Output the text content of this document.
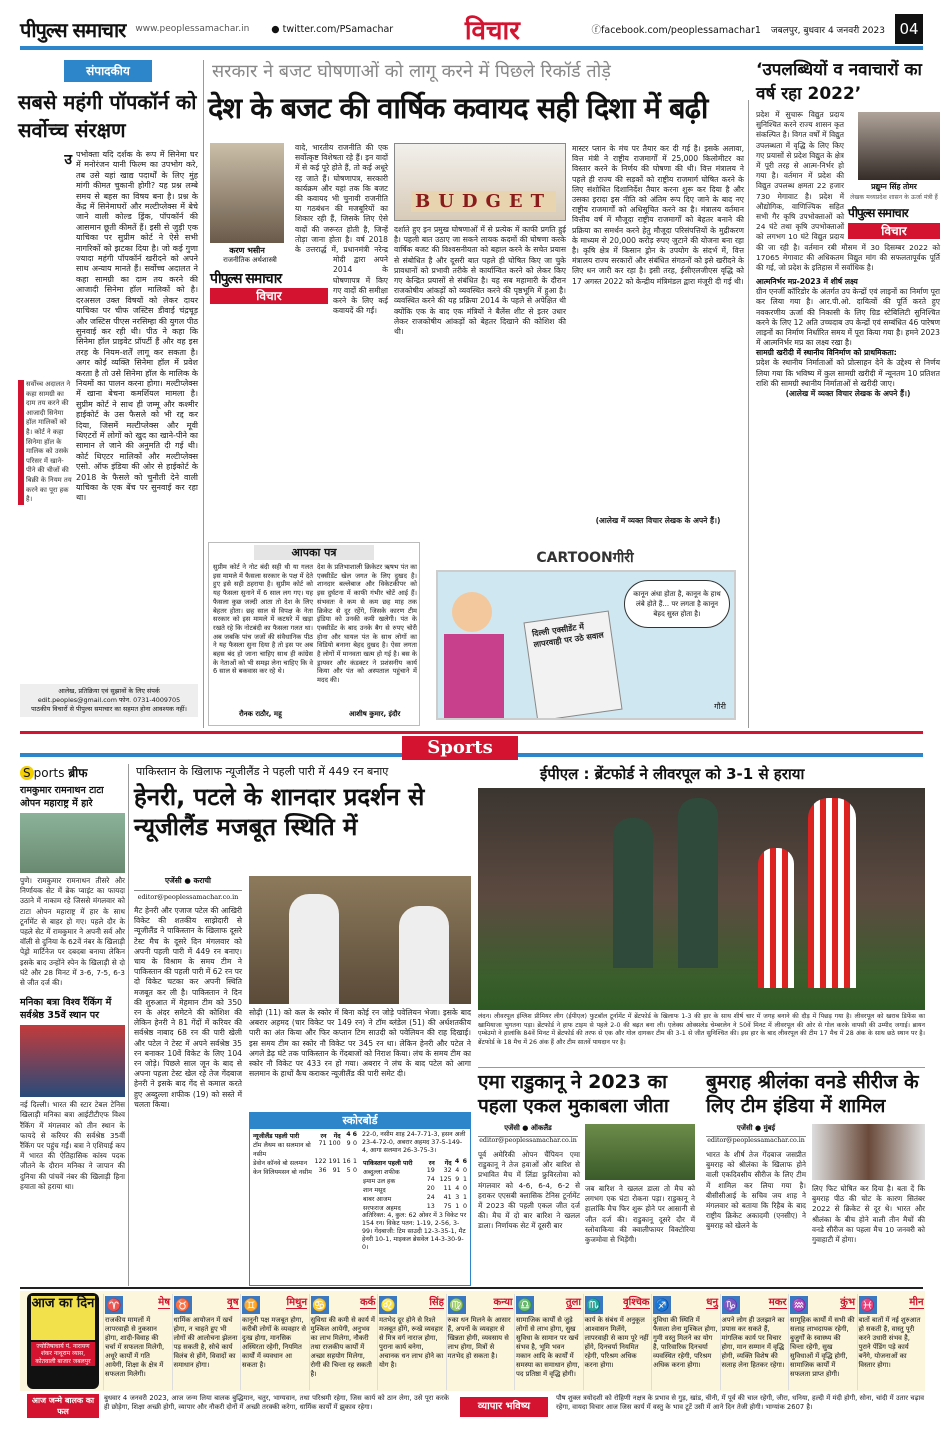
पीपुल्स समाचार www.peoplessamachar.in ● twitter.com/PSamachar	विचार	ⓕfacebook.com/peoplessamachar1 जबलपुर, बुधवार 4 जनवरी 2023 04
संपादकीय
सबसे महंगी पॉपकॉर्न को सर्वोच्च संरक्षण
उ
सर्वोच्च अदालत ने कहा सामग्री का दाम तय करने की आजादी सिनेमा हॉल मालिकों को है। कोर्ट ने कहा सिनेमा हॉल के मालिक को उसके परिसर में खाने-पीने की चीजों की बिक्री के नियम तय करने का पूरा हक है।
पभोक्ता यदि दर्शक के रूप में सिनेमा घर में मनोरंजन यानी फिल्म का उपभोग करे, तब उसे यहां खाद्य पदार्थों के लिए मुंह मांगी कीमत चुकानी होगी? यह प्रश्न लम्बे समय से बहस का विषय बना है। प्रश्न के केंद्र में सिनेमाघरों और मल्टीप्लेक्स में बेचे जाने वाली कोल्ड ड्रिंक, पॉपकॉर्न की आसमान छूती कीमतें हैं। इसी से जुड़ी एक याचिका पर सुप्रीम कोर्ट ने ऐसे सभी नागरिकों को झटका दिया है। जो कई गुणा ज्यादा महंगी पॉपकॉर्न खरीदने को अपने साथ अन्याय मानते हैं। सर्वोच्च अदालत ने कहा सामग्री का दाम तय करने की आजादी सिनेमा हॉल मालिकों को है। दरअसल उक्त विषयों को लेकर दायर याचिका पर चीफ जस्टिस डीवाई चंद्रचूड़ और जस्टिस पीएस नरसिम्हा की युगल पीठ सुनवाई कर रही थी। पीठ ने कहा कि सिनेमा हॉल प्राइवेट प्रॉपर्टी हैं और वह इस तरह के नियम-शर्तें लागू कर सकता है। अगर कोई व्यक्ति सिनेमा हॉल में प्रवेश करता है तो उसे सिनेमा हॉल के मालिक के नियमों का पालन करना होगा। मल्टीप्लेक्स में खाना बेचना कमर्शियल मामला है। सुप्रीम कोर्ट ने साथ ही जम्मू और कश्मीर हाईकोर्ट के उस फैसले को भी रद्द कर दिया, जिसमें मल्टीप्लेक्स और मूवी थिएटरों में लोगों को खुद का खाने-पीने का सामान ले जाने की अनुमति दी गई थी। कोर्ट थिएटर मालिकों और मल्टीप्लेक्स एसो. ऑफ इंडिया की ओर से हाईकोर्ट के 2018 के फैसले को चुनौती देने वाली याचिका के एक बेंच पर सुनवाई कर रहा था।
आलेख, प्रतिक्रिया एवं सुझावों के लिए संपर्क
edit.peoples@gmail.com फोन. 0731-4009705
पाठकीय विचारों से पीपुल्स समाचार का सहमत होना आवश्यक नहीं।
सरकार ने बजट घोषणाओं को लागू करने में पिछले रिकॉर्ड तोड़े
देश के बजट की वार्षिक कवायद सही दिशा में बढ़ी
करण भसीन
राजनीतिक अर्थशास्त्री
पीपुल्स समाचार
विचार
वादे, भारतीय राजनीति की एक सर्वोत्कृष्ट विशेषता रहे हैं। इन वादों में से कई पूरे होते हैं, तो कई अधूरे रह जाते हैं। घोषणापत्र, सरकारी कार्यक्रम और यहां तक कि बजट की कवायद भी चुनावी राजनीति या गठबंधन की मजबूरियों का शिकार रही हैं, जिसके लिए ऐसे वादों की जरूरत होती है, जिन्हें तोड़ा जाना होता है। वर्ष 2018 के उत्तरार्द्ध में, प्रधानमंत्री नरेन्द्र मोदी द्वारा अपने 2014 के घोषणापत्र में किए गए वादों की समीक्षा करने के लिए कई कवायदें की गईं।
BUDGET
दर्शाते हुए इन प्रमुख घोषणाओं में से प्रत्येक में काफी प्रगति हुई है। पहली बात उठाए जा सकने लायक कदमों की घोषणा करके वार्षिक बजट की विश्वसनीयता को बहाल करने के सचेत प्रयास से संबोधित है और दूसरी बात पहले ही घोषित किए जा चुके प्रावधानों को प्रभावी तरीके से कार्यान्वित करने को लेकर किए गए केन्द्रित प्रयासों से संबंधित है। यह सब महामारी के दौरान राजकोषीय आंकड़ों को व्यवस्थित करने की पृष्ठभूमि में हुआ है। व्यवस्थित करने की यह प्रक्रिया 2014 के पहले से अपेक्षित थी क्योंकि एक के बाद एक मंत्रियों ने बैलेंस शीट से इतर उधार लेकर राजकोषीय आंकड़ों को बेहतर दिखाने की कोशिश की थी।
मास्टर प्लान के मंच पर तैयार कर दी गई है। इसके अलावा, वित्त मंत्री ने राष्ट्रीय राजमार्गों में 25,000 किलोमीटर का विस्तार करने के निर्णय की घोषणा की थी। वित्त मंत्रालय ने पहले ही राज्य की सड़कों को राष्ट्रीय राजमार्ग घोषित करने के लिए संशोधित दिशानिर्देश तैयार करना शुरू कर दिया है और उसका इरादा इस नीति को अंतिम रूप दिए जाने के बाद नए राष्ट्रीय राजमार्गों को अधिसूचित करने का है। मंत्रालय वर्तमान वित्तीय वर्ष में मौजूदा राष्ट्रीय राजमार्गों को बेहतर बनाने की प्रक्रिया का समर्थन करने हेतु मौजूदा परिसंपत्तियों के मुद्रीकरण के माध्यम से 20,000 करोड़ रुपए जुटाने की योजना बना रहा है। कृषि क्षेत्र में किसान ड्रोन के उपयोग के संदर्भ में, वित्त मंत्रालय राज्य सरकारों और संबंधित संगठनों को इसे खरीदने के लिए धन जारी कर रहा है। इसी तरह, ईसीएलजीएस वृद्धि को 17 अगस्त 2022 को केन्द्रीय मंत्रिमंडल द्वारा मंजूरी दी गई थी।
(आलेख में व्यक्त विचार लेखक के अपने हैं।)
‘उपलब्धियों व नवाचारों का वर्ष रहा 2022’
प्रद्युम्न सिंह तोमर
लेखक मध्यप्रदेश शासन के ऊर्जा मंत्री हैं
पीपुल्स समाचार
विचार
प्रदेश में सुचारू विद्युत प्रदाय सुनिश्चित करने राज्य शासन कृत संकल्पित है। विगत वर्षों में विद्युत उपलब्धता में वृद्धि के लिए किए गए प्रयासों से प्रदेश विद्युत के क्षेत्र में पूरी तरह से आत्म-निर्भर हो गया है। वर्तमान में प्रदेश की विद्युत उपलब्ध क्षमता 22 हजार 730 मेगावाट है। प्रदेश में औद्योगिक, वाणिज्यिक सहित सभी गैर कृषि उपभोक्ताओं को 24 घंटे तथा कृषि उपभोक्ताओं को लगभग 10 घंटे विद्युत प्रदाय की जा रही है। वर्तमान रबी मौसम में 30 दिसम्बर 2022 को 17065 मेगावाट की अधिकतम विद्युत मांग की सफलतापूर्वक पूर्ति की गई, जो प्रदेश के इतिहास में सर्वाधिक है।
आत्मनिर्भर मप्र-2023 में शीर्ष लक्ष्य
ग्रीन एनर्जी कॉरिडोर के अंतर्गत उप केन्द्रों एवं लाइनों का निर्माण पूरा कर लिया गया है। आर.पी.ओ. दायित्वों की पूर्ति करते हुए नवकरणीय ऊर्जा की निकासी के लिए ग्रिड स्टेबिलिटी सुनिश्चित करने के लिए 12 अति उच्चदाब उप केन्द्रों एवं सम्बंधित 46 पारेषण लाइनों का निर्माण निर्धारित समय में पूरा किया गया है। हमने 2023 में आत्मनिर्भर मप्र का लक्ष्य रखा है।
सामग्री खरीदी में स्थानीय विनिर्माण को प्राथमिकता:
प्रदेश के स्थानीय निर्माताओं को प्रोत्साहन देने के उद्देश्य से निर्णय लिया गया कि भविष्य में कुल सामग्री खरीदी में न्यूनतम 10 प्रतिशत राशि की सामग्री स्थानीय निर्माताओं से खरीदी जाए।
(आलेख में व्यक्त विचार लेखक के अपने हैं।)
आपका पत्र
सुप्रीम कोर्ट ने नोट बंदी सही थी या गलत इस मामले में फैसला सरकार के पक्ष में देते हुए इसे सही ठहराया है। सुप्रीम कोर्ट को यह फैसला सुनाने में 6 साल लग गए। यह फैसला कुछ जल्दी आता तो देश के लिए बेहतर होता। छह साल से विपक्ष के नेता सरकार को इस मामले में कटघरे में खड़ा रखते रहे कि नोटबंदी का फैसला गलत था। अब जबकि पांच जजों की संवैधानिक पीठ ने यह फैसला सुना दिया है तो इस पर अब बहस बंद हो जाना चाहिए साथ ही कांग्रेस के नेताओं को भी समझ लेना चाहिए कि वे 6 साल से बकवास कर रहे थे।
देश के प्रतिभाशाली क्रिकेटर ऋषभ पंत का एक्सीडेंट खेल जगत के लिए दुखद है। शानदार बल्लेबाज और विकेटकीपर को इस दुर्घटना में काफी गंभीर चोटें आई हैं। संभवतः वे कम से कम छह माह तक क्रिकेट से दूर रहेंगे, जिसके कारण टीम इंडिया को उनकी कमी खलेगी। पंत के एक्सीडेंट के बाद उनके बैग से रुपए चोरी होना और घायल पंत के साथ लोगों का विडियो बनाना बेहद दुखद है। ऐसा लगता है लोगों में मानवता खत्म हो गई है। बस के ड्रायवर और कंडक्टर ने प्रशंसनीय कार्य किया और पंत को अस्पताल पहुंचाने में मदद की।
रौनक राठौर, महू	आशीष कुमार, इंदौर
CARTOONगीरी
दिल्ली एक्सीडेंट में लापरवाही पर उठे सवाल
कानून अंधा होता है, कानून के हाथ लंबे होते हैं... पर लगता है कानून बेहद सुस्त होता है।
गौरी
Sports
S ports ब्रीफ
रामकुमार रामनाथन टाटा ओपन महाराष्ट्र में हारे
पुणे। रामकुमार रामनाथन तीसरे और निर्णायक सेट में ब्रेक प्वाइंट का फायदा उठाने में नाकाम रहे जिससे मंगलवार को टाटा ओपन महाराष्ट्र में हार के साथ टूर्नामेंट से बाहर हो गए। पहले दौर के पहले सेट में रामकुमार ने अपनी सर्व और वॉली से दुनिया के 62वें नंबर के खिलाड़ी पेड्रो मार्टिनेज पर दबदबा बनाया लेकिन इसके बाद उन्होंने स्पेन के खिलाड़ी से दो घंटे और 28 मिनट में 3-6, 7-5, 6-3 से जीत दर्ज की।
मनिका बत्रा विश्व रैंकिंग में सर्वश्रेष्ठ 35वें स्थान पर
नई दिल्ली। भारत की स्टार टेबल टेनिस खिलाड़ी मनिका बत्रा आईटीटीएफ विश्व रैंकिंग में मंगलवार को तीन स्थान के फायदे से करियर की सर्वश्रेष्ठ 35वीं रैंकिंग पर पहुंच गईं। बत्रा ने एशियाई कप में भारत की ऐतिहासिक कांस्य पदक जीतने के दौरान मनिका ने जापान की दुनिया की पांचवें नंबर की खिलाड़ी हिना हयाता को हराया था।
पाकिस्तान के खिलाफ न्यूजीलैंड ने पहली पारी में 449 रन बनाए
हेनरी, पटले के शानदार प्रदर्शन से न्यूजीलैंड मजबूत स्थिति में
एजेंसी ● कराची
editor@peoplessamachar.co.in
मैट हेनरी और एजाज पटेल की आखिरी विकेट की शतकीय साझेदारी से न्यूजीलैंड ने पाकिस्तान के खिलाफ दूसरे टेस्ट मैच के दूसरे दिन मंगलवार को अपनी पहली पारी में 449 रन बनाए। चाय के विश्राम के समय टीम ने पाकिस्तान की पहली पारी में 62 रन पर दो विकेट चटका कर अपनी स्थिति मजबूत कर ली है। पाकिस्तान ने दिन की शुरुआत में मेहमान टीम को 350 रन के अंदर समेटने की कोशिश की लेकिन हेनरी ने 81 गेंदों में करियर की सर्वश्रेष्ठ नाबाद 68 रन की पारी खेली और पटेल ने टेस्ट में अपने सर्वश्रेष्ठ 35 रन बनाकर 10वें विकेट के लिए 104 रन जोड़े। पिछले साल जून के बाद से अपना पहला टेस्ट खेल रहे तेज गेंदबाज हेनरी ने इसके बाद गेंद से कमाल करते हुए अब्दुल्ला शफीक (19) को सस्ते में चलता किया।
सोढ़ी (11) को कल के स्कोर में बिना कोई रन जोड़े पवेलियन भेजा। इसके बाद अबरार अहमद (चार विकेट पर 149 रन) ने टॉम ब्लंडेल (51) की अर्धशतकीय पारी का अंत किया और फिर कप्तान टिम साउदी को पवेलियन की राह दिखाई। इस समय टीम का स्कोर नौ विकेट पर 345 रन था। लेकिन हेनरी और पटेल ने अगले डेढ़ घंटे तक पाकिस्तान के गेंदबाजों को निराश किया। लंच के समय टीम का स्कोर नौ विकेट पर 433 रन हो गया। अबरार ने लंच के बाद पटेल को आगा सलमान के हाथों कैच कराकर न्यूजीलैंड की पारी समेट दी।
स्कोरबोर्ड
न्यूजीलैंड पहली पारी	रन	गेंद	4	6
टॉम लैथम का सलमान बो नसीम	71	100	9	0
डेवोन कॉनवे बो सलमान	122	191	16	1
केन विलियमसन बो नसीम	36	91	5	0
22-0, नसीम शाह 24-7-71-3, हसन अली 23-4-72-0, अबरार अहमद 37-5-149-4, आगा सलमान 26-3-75-3।
पाकिस्तान पहली पारी	रन	गेंद	4	6
अब्दुल्ला शफीक	19	32	4	0
इमाम उल हक	74	125	9	1
शान मसूद	20	11	4	0
बाबर आजम	24	41	3	1
सरफराज अहमद	13	75	1	0
अतिरिक्त: 4, कुल: 62 ओवर में 3 विकेट पर 154 रन। विकेट पतन: 1-19, 2-56, 3-99। गेंदबाजी: टिम साउदी 12-3-35-1, मैट हेनरी 10-1, माइकल ब्रेसवेल 14-3-30-9-0।
ईपीएल : ब्रेंटफोर्ड ने लीवरपूल को 3-1 से हराया
लंदन। लीवरपूल इंग्लिश प्रीमियर लीग (ईपीएल) फुटबॉल टूर्नामेंट में ब्रेंटफोर्ड के खिलाफ 1-3 की हार के साथ शीर्ष चार में जगह बनाने की दौड़ में पिछड़ गया है। लीवरपूल को खराब डिफेंस का खामियाजा भुगतना पड़ा। ब्रेंटफोर्ड ने हाफ टाइम से पहले 2-0 की बढ़त बना ली। एलेक्स ओक्सलेड चेम्बरलेन ने 50वें मिनट में लीवरपूल की ओर से गोल करके वापसी की उम्मीद जगाई। ब्रायन एम्बेउमो ने हालांकि 84वें मिनट में ब्रेंटफोर्ड की तरफ से एक और गोल दागकर टीम की 3-1 से जीत सुनिश्चित की। इस हार के बाद लीवरपूल की टीम 17 मैच में 28 अंक के साथ छठे स्थान पर है। ब्रेंटफोर्ड के 18 मैच में 26 अंक हैं और टीम सातवें पायदान पर है।
एमा राडुकानू ने 2023 का पहला एकल मुकाबला जीता
एजेंसी ● ऑकलैंड
editor@peoplessamachar.co.in
पूर्व अमेरिकी ओपन चैंपियन एमा राडुकानू ने तेज हवाओं और बारिश से प्रभावित मैच में लिंडा फ्रुविरतोवा को मंगलवार को 4-6, 6-4, 6-2 से हराकर एएसबी क्लासिक टेनिस टूर्नामेंट में 2023 की पहली एकल जीत दर्ज की। मैच में दो बार बारिश ने खलल डाला। निर्णायक सेट में दूसरी बार
जब बारिश ने खलल डाला तो मैच को लगभग एक घंटा रोकना पड़ा। राडुकानू ने हालांकि मैच फिर शुरू होने पर आसानी से जीत दर्ज की। राडुकानू दूसरे दौर में स्लोवाकिया की क्वालीफायर विक्टोरिया कुजमोवा से भिड़ेंगी।
बुमराह श्रीलंका वनडे सीरीज के लिए टीम इंडिया में शामिल
एजेंसी ● मुंबई
editor@peoplessamachar.co.in
भारत के शीर्ष तेज गेंदबाज जसप्रीत बुमराह को श्रीलंका के खिलाफ होने वाली एकदिवसीय सीरीज के लिए टीम में शामिल कर लिया गया है। बीसीसीआई के सचिव जय शाह ने मंगलवार को बताया कि रिहैब के बाद राष्ट्रीय क्रिकेट अकादमी (एनसीए) ने बुमराह को खेलने के
लिए फिट घोषित कर दिया है। बता दें कि बुमराह पीठ की चोट के कारण सितंबर 2022 से क्रिकेट से दूर थे। भारत और श्रीलंका के बीच होने वाली तीन मैचों की वनडे सीरीज का पहला मैच 10 जनवरी को गुवाहाटी में होगा।
आज का दिन
ज्योतिषाचार्य पं. नारायण शंकर नाथूराम व्यास, कोतवाली बाजार जबलपुर
♈	मेष
राजकीय मामलों में लापरवाही से नुकसान होगा, शादी-विवाह की चर्चा में सफलता मिलेगी, अधूरे कार्यों में गति आयेगी, शिक्षा के क्षेत्र में सफलता मिलेगी।
♉	वृष
धार्मिक आयोजन में खर्च होगा, न चाहते हुए भी लोगों की आलोचना झेलना पड़ सकती है, सोचे कार्य विलंब से होंगे, विवादों का समाधान होगा।
♊	मिथुन
कानूनी पक्ष मजबूत होगा, करीबी लोगों के व्यवहार से दुःख होगा, मानसिक अस्थिरता रहेगी, नियमित कार्यों में व्यवधान आ सकता है।
♋	कर्क
सुविधा की कमी से कार्य में मुश्किल आयेगी, अनुभव का लाभ मिलेगा, नौकरी तथा राजकीय कार्यों में अच्छा सहयोग मिलेगा, रोगी की चिन्ता रह सकती है।
♌	सिंह
मतभेद दूर होने से रिश्ते मजबूत होंगे, रूखे व्यवहार से मित्र वर्ग नाराज होगा, पुराना कार्य बनेगा, अचानक धन लाभ होने का योग है।
♍	कन्या
रुका धन मिलने के आसार हैं, अपनों के व्यवहार से खिन्नता होगी, व्यवसाय से लाभ होगा, मित्रों से मतभेद हो सकता है।
♎	तुला
सामाजिक कार्यों से जुड़े लोगों से लाभ होगा, सुख सुविधा के सामान पर खर्च संभव है, भूमि भवन मकान आदि के कार्यों में समस्या का समाधान होगा, पद प्रतिष्ठा में वृद्धि होगी।
♏ वृश्चिक
कार्य के संबंध में अनुकूल आश्वासन मिलेंगे, लापरवाही से काम पूरे नहीं होंगे, दिनचर्या नियमित रहेगी, परिश्रम अधिक करना होगा।
♐	धनु
दुविधा की स्थिति में फैसला लेना मुश्किल होगा, गुमी वस्तु मिलने का योग है, पारिवारिक दिनचर्या व्यवस्थित रहेगी, परिश्रम अधिक करना होगा।
♑	मकर
अपने लोग ही उलझाने का प्रयास कर सकते हैं, मांगलिक कार्य पर विचार होगा, मान सम्मान में वृद्धि होगी, व्यक्ति विशेष की सलाह लेना हितकर रहेगा।
♒	कुंभ
सामूहिक कार्यों में सभी की सलाह लाभदायक रहेगी, बुजुर्गों के स्वास्थ्य की चिन्ता रहेगी, सुख सुविधाओं में वृद्धि होगी, सामाजिक कार्यों में सफलता प्राप्त होगी।
♓	मीन
बातों बातों में नई शुरुआत हो सकती है, वास्तु पूरी करने उधारी संभव है, पुराने पेंडिंग पड़े कार्य बनेंगे, योजनाओं का विस्तार होगा।
आज जन्मे बालक का फल
बुधवार 4 जनवरी 2023, आज जन्म लिया बालक बुद्धिमान, चतुर, भाग्यवान, तथा परिश्रमी रहेगा, जिस कार्य को ठान लेगा, उसे पूरा करके ही छोड़ेगा, शिक्षा अच्छी होगी, व्यापार और नौकरी दोनों में अच्छी तरक्की करेगा, धार्मिक कार्यों में झुकाव रहेगा।	व्यापार भविष्य
पौष शुक्ल त्रयोदशी को रोहिणी नक्षत्र के प्रभाव से गुड़, खांड, चीनी, में पूर्व की चाल रहेगी, जीरा, धनिया, हल्दी में मंदी होगी, सोना, चांदी में उतार चढ़ाव रहेगा, वायदा विचार आज जिस कार्य में वस्तु के भाव टूटें उसी में आने दिन तेजी होगी। भाग्यांक 2607 है।
